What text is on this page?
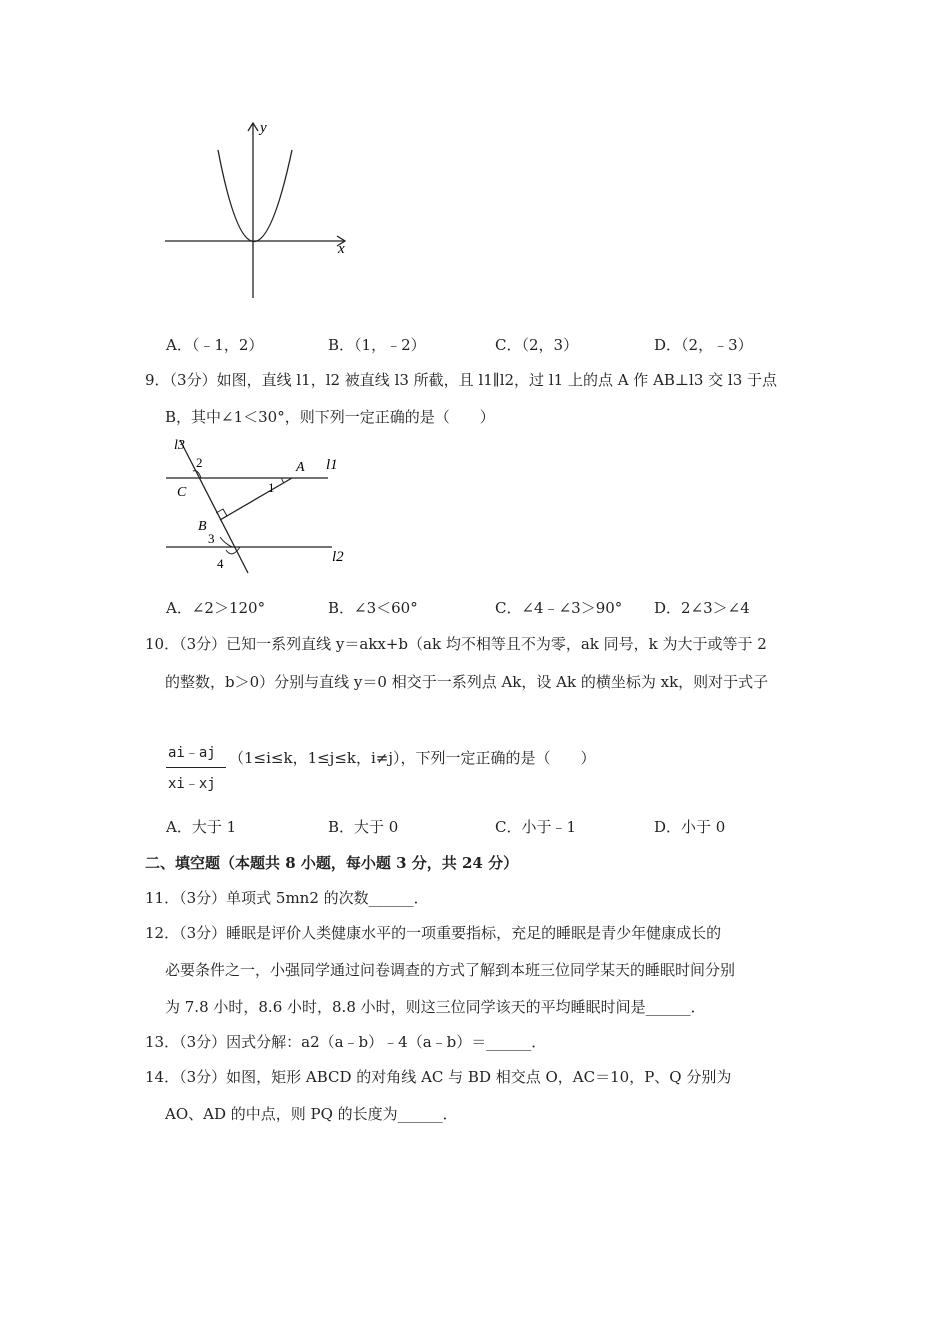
x
y
A．（﹣1，2）	B．（1，﹣2）	C．（2，3）	D．（2，﹣3）
9．（3分）如图，直线 l1，l2 被直线 l3 所截，且 l1∥l2，过 l1 上的点 A 作 AB⊥l3 交 l3 于点
B，其中∠1＜30°，则下列一定正确的是（　　）
l3
l1
l2
2
1
3
4
A
B
C
A．∠2＞120°	B．∠3＜60°	C．∠4﹣∠3＞90° D．2∠3＞∠4
10．（3分）已知一系列直线 y＝akx+b（ak 均不相等且不为零，ak 同号，k 为大于或等于 2
的整数，b＞0）分别与直线 y＝0 相交于一系列点 Ak，设 Ak 的横坐标为 xk，则对于式子
ai﹣aj
xi﹣xj
（1≤i≤k，1≤j≤k，i≠j），下列一定正确的是（　　）
A．大于 1	B．大于 0	C．小于﹣1	D．小于 0
二、填空题（本题共 8 小题，每小题 3 分，共 24 分）
11．（3分）单项式 5mn2 的次数______．
12．（3分）睡眠是评价人类健康水平的一项重要指标，充足的睡眠是青少年健康成长的
必要条件之一，小强同学通过问卷调查的方式了解到本班三位同学某天的睡眠时间分别
为 7.8 小时，8.6 小时，8.8 小时，则这三位同学该天的平均睡眠时间是______．
13．（3分）因式分解：a2（a﹣b）﹣4（a﹣b）＝______．
14．（3分）如图，矩形 ABCD 的对角线 AC 与 BD 相交点 O，AC＝10，P、Q 分别为
AO、AD 的中点，则 PQ 的长度为______．
